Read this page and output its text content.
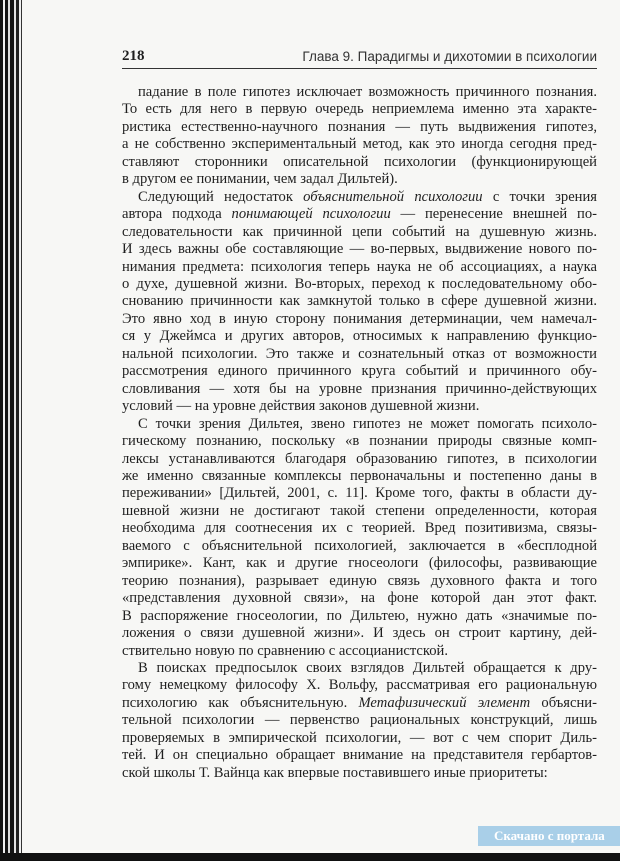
218	Глава 9. Парадигмы и дихотомии в психологии
падание в поле гипотез исключает возможность причинного познания.
То есть для него в первую очередь неприемлема именно эта характе-
ристика естественно-научного познания — путь выдвижения гипотез,
а не собственно экспериментальный метод, как это иногда сегодня пред-
ставляют сторонники описательной психологии (функционирующей
в другом ее понимании, чем задал Дильтей).
Следующий недостаток объяснительной психологии с точки зрения
автора подхода понимающей психологии — перенесение внешней по-
следовательности как причинной цепи событий на душевную жизнь.
И здесь важны обе составляющие — во-первых, выдвижение нового по-
нимания предмета: психология теперь наука не об ассоциациях, а наука
о духе, душевной жизни. Во-вторых, переход к последовательному обо-
снованию причинности как замкнутой только в сфере душевной жизни.
Это явно ход в иную сторону понимания детерминации, чем намечал-
ся у Джеймса и других авторов, относимых к направлению функцио-
нальной психологии. Это также и сознательный отказ от возможности
рассмотрения единого причинного круга событий и причинного обу-
словливания — хотя бы на уровне признания причинно-действующих
условий — на уровне действия законов душевной жизни.
С точки зрения Дильтея, звено гипотез не может помогать психоло-
гическому познанию, поскольку «в познании природы связные комп-
лексы устанавливаются благодаря образованию гипотез, в психологии
же именно связанные комплексы первоначальны и постепенно даны в
переживании» [Дильтей, 2001, с. 11]. Кроме того, факты в области ду-
шевной жизни не достигают такой степени определенности, которая
необходима для соотнесения их с теорией. Вред позитивизма, связы-
ваемого с объяснительной психологией, заключается в «бесплодной
эмпирике». Кант, как и другие гносеологи (философы, развивающие
теорию познания), разрывает единую связь духовного факта и того
«представления духовной связи», на фоне которой дан этот факт.
В распоряжение гносеологии, по Дильтею, нужно дать «значимые по-
ложения о связи душевной жизни». И здесь он строит картину, дей-
ствительно новую по сравнению с ассоцианистской.
В поисках предпосылок своих взглядов Дильтей обращается к дру-
гому немецкому философу Х. Вольфу, рассматривая его рациональную
психологию как объяснительную. Метафизический элемент объясни-
тельной психологии — первенство рациональных конструкций, лишь
проверяемых в эмпирической психологии, — вот с чем спорит Диль-
тей. И он специально обращает внимание на представителя гербартов-
ской школы Т. Вайнца как впервые поставившего иные приоритеты:
Скачано с портала
